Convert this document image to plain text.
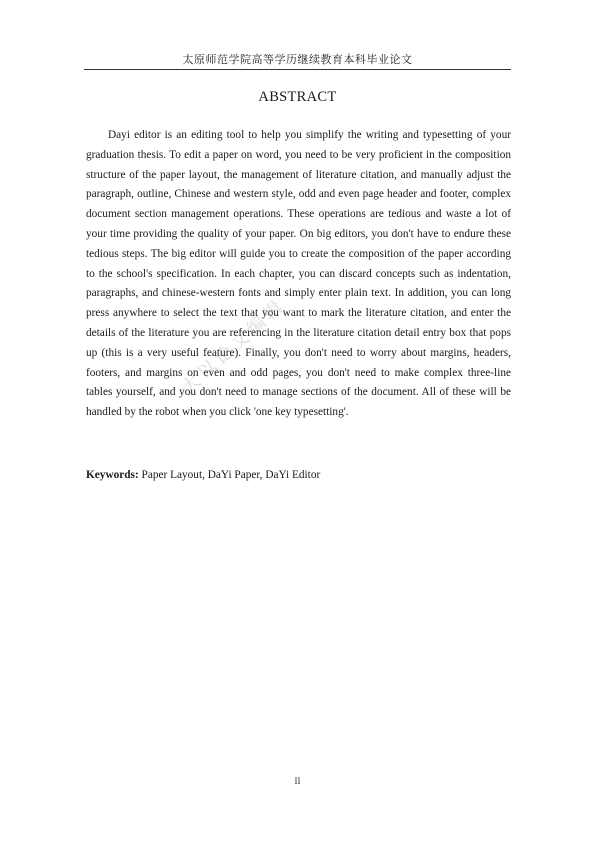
太原师范学院高等学历继续教育本科毕业论文
ABSTRACT

Dayi editor is an editing tool to help you simplify the writing and typesetting of your graduation thesis. To edit a paper on word, you need to be very proficient in the composition structure of the paper layout, the management of literature citation, and manually adjust the paragraph, outline, Chinese and western style, odd and even page header and footer, complex document section management operations. These operations are tedious and waste a lot of your time providing the quality of your paper. On big editors, you don't have to endure these tedious steps. The big editor will guide you to create the composition of the paper according to the school's specification. In each chapter, you can discard concepts such as indentation, paragraphs, and chinese-western fonts and simply enter plain text. In addition, you can long press anywhere to select the text that you want to mark the literature citation, and enter the details of the literature you are referencing in the literature citation detail entry box that pops up (this is a very useful feature). Finally, you don't need to worry about margins, headers, footers, and margins on even and odd pages, you don't need to make complex three-line tables yourself, and you don't need to manage sections of the document. All of these will be handled by the robot when you click 'one key typesetting'.

Keywords: Paper Layout, DaYi Paper, DaYi Editor

大以论文编辑
II
